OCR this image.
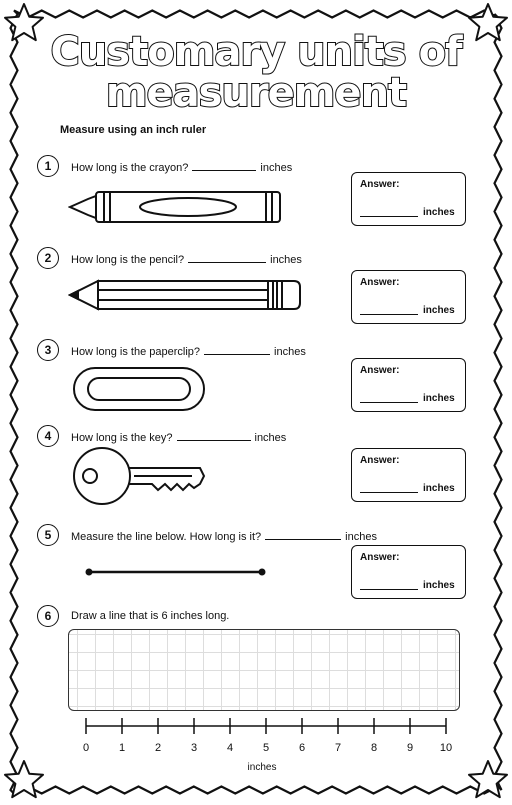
Customary units of
measurement
Measure using an inch ruler
1	How long is the crayon?	inches
Answer:
inches
2	How long is the pencil?	inches
Answer:
inches
3	How long is the paperclip?	inches
Answer:
inches
4	How long is the key?	inches
Answer:
inches
5	Measure the line below. How long is it?	inches
Answer:
inches
6	Draw a line that is 6 inches long.
0	1	2	3	4	5	6	7	8	9 10
inches
